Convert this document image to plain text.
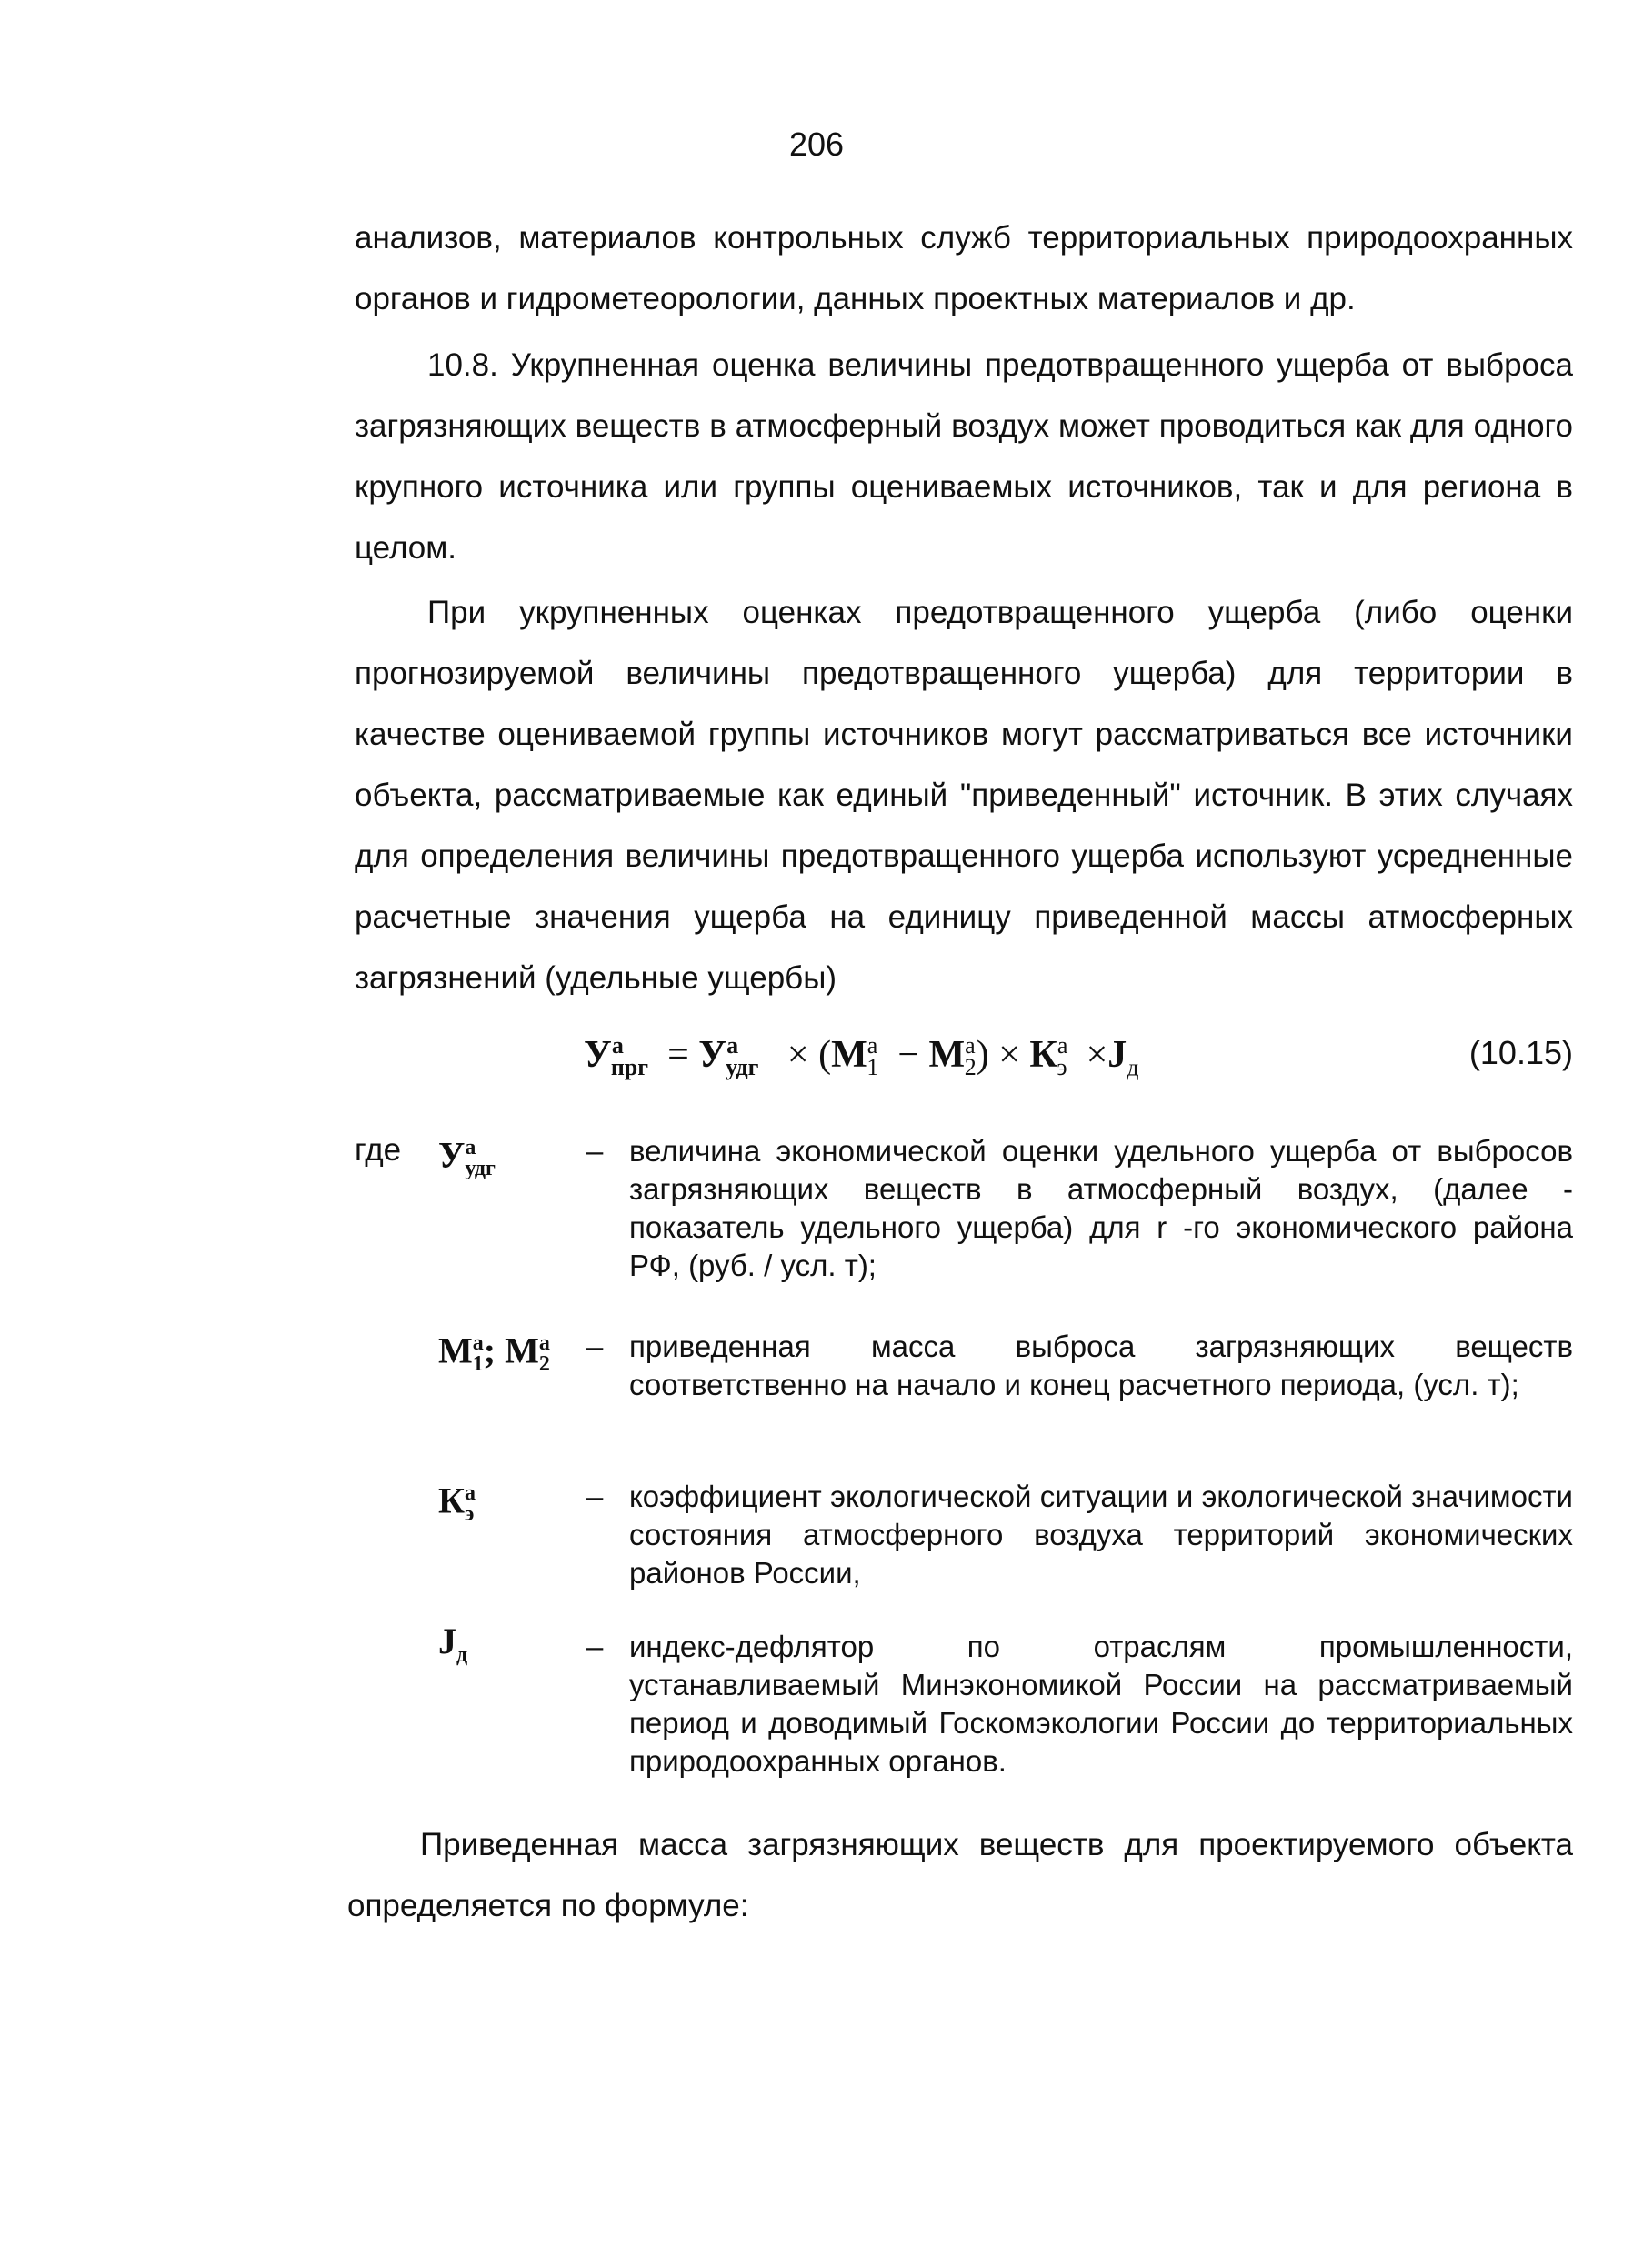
206
анализов, материалов контрольных служб территориальных природоохранных органов и гидрометеорологии, данных проектных материалов и др.
10.8. Укрупненная оценка величины предотвращенного ущерба от выброса загрязняющих веществ в атмосферный воздух может проводиться как для одного крупного источника или группы оцениваемых источников, так и для региона в целом.
При укрупненных оценках предотвращенного ущерба (либо оценки прогнозируемой величины предотвращенного ущерба) для территории в качестве оцениваемой группы источников могут рассматриваться все источники объекта, рассматриваемые как единый "приведенный" источник. В этих случаях для определения величины предотвращенного ущерба используют усредненные расчетные значения ущерба на единицу приведенной массы атмосферных загрязнений (удельные ущербы)
$У^а_{прг} = У^а_{удг} \times (М^а_1 - М^а_2) \times К^а_э \times J_д$	(10.15)
где $У^а_{удг}$
– величина экономической оценки удельного ущерба от выбросов загрязняющих веществ в атмосферный воздух, (далее - показатель удельного ущерба) для r -го экономического района РФ, (руб. / усл. т);
$М^а_1$; $М^а_2$
– приведенная масса выброса загрязняющих веществ соответственно на начало и конец расчетного периода, (усл. т);
$К^а_э$
– коэффициент экологической ситуации и экологической значимости состояния атмосферного воздуха территорий экономических районов России,
$J_д$	– индекс-дефлятор по отраслям промышленности, устанавливаемый Минэкономикой России на рассматриваемый период и доводимый Госкомэкологии России до территориальных природоохранных органов.
Приведенная масса загрязняющих веществ для проектируемого объекта определяется по формуле:
